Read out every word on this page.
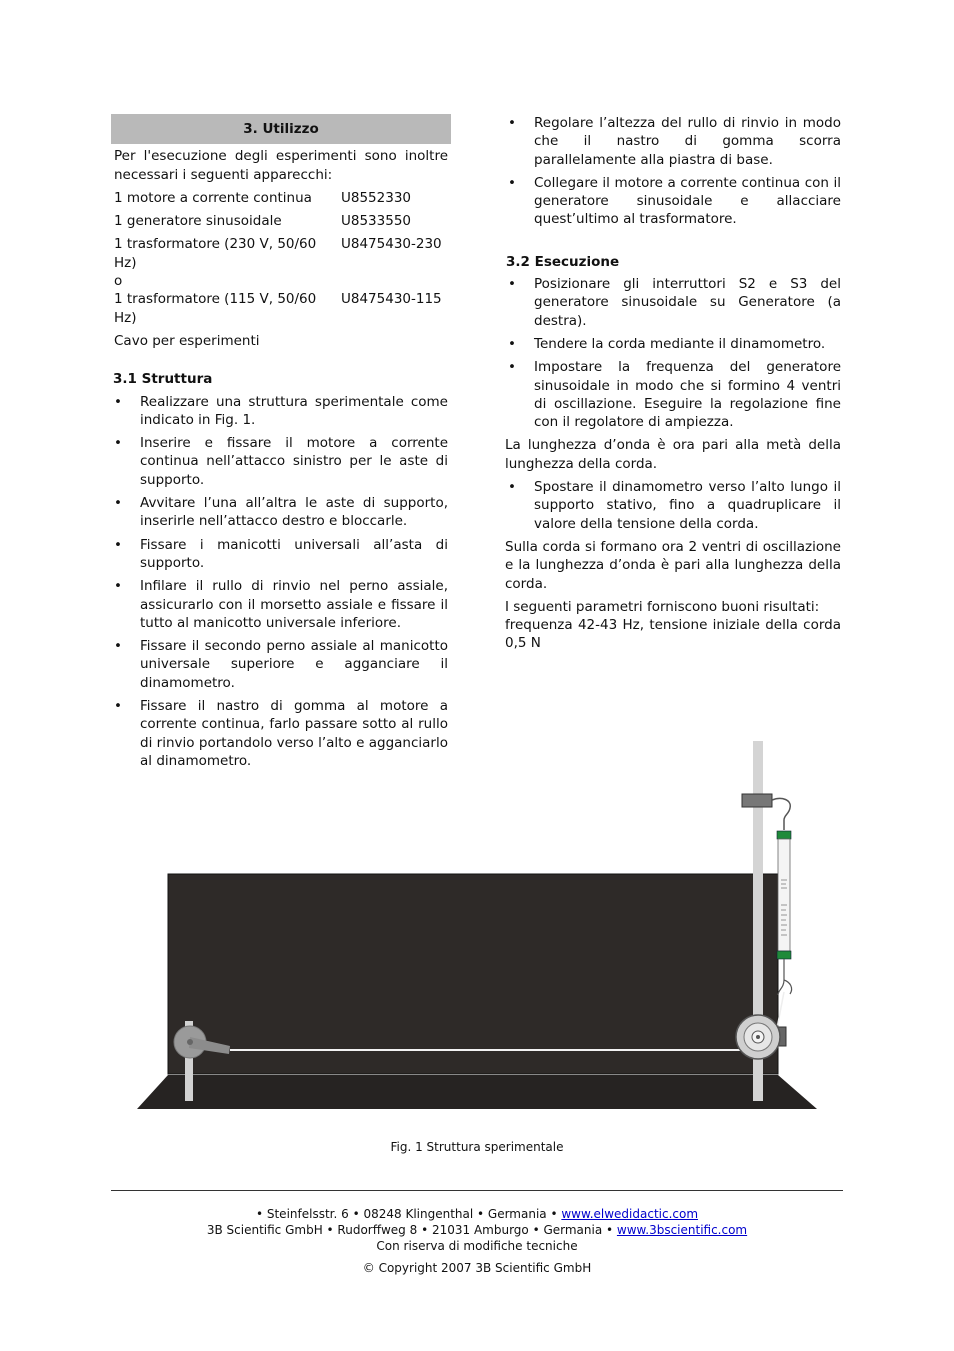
3. Utilizzo

Per l'esecuzione degli esperimenti sono inoltre necessari i seguenti apparecchi:

1 motore a corrente continua	U8552330
1 generatore sinusoidale	U8533550
1 trasformatore (230 V, 50/60 Hz)
U8475430-230
o
1 trasformatore (115 V, 50/60 Hz)
U8475430-115

Cavo per esperimenti

3.1 Struttura
• Realizzare una struttura sperimentale come indicato in Fig. 1.
• Inserire e fissare il motore a corrente continua nell’attacco sinistro per le aste di supporto.
• Avvitare l’una all’altra le aste di supporto, inserirle nell’attacco destro e bloccarle.
• Fissare i manicotti universali all’asta di supporto.
• Infilare il rullo di rinvio nel perno assiale, assicurarlo con il morsetto assiale e fissare il tutto al manicotto universale inferiore.
• Fissare il secondo perno assiale al manicotto universale superiore e agganciare il dinamometro.
• Fissare il nastro di gomma al motore a corrente continua, farlo passare sotto al rullo di rinvio portandolo verso l’alto e agganciarlo al dinamometro.
• Regolare l’altezza del rullo di rinvio in modo che il nastro di gomma scorra parallelamente alla piastra di base.
• Collegare il motore a corrente continua con il generatore sinusoidale e allacciare quest’ultimo al trasformatore.
3.2 Esecuzione
• Posizionare gli interruttori S2 e S3 del generatore sinusoidale su Generatore (a destra).
• Tendere la corda mediante il dinamometro.
• Impostare la frequenza del generatore sinusoidale in modo che si formino 4 ventri di oscillazione. Eseguire la regolazione fine con il regolatore di ampiezza.

La lunghezza d’onda è ora pari alla metà della lunghezza della corda.

• Spostare il dinamometro verso l’alto lungo il supporto stativo, fino a quadruplicare il valore della tensione della corda.

Sulla corda si formano ora 2 ventri di oscillazione e la lunghezza d’onda è pari alla lunghezza della corda.

I seguenti parametri forniscono buoni risultati:

frequenza 42-43 Hz, tensione iniziale della corda 0,5 N

Fig. 1 Struttura sperimentale
• Steinfelsstr. 6 • 08248 Klingenthal • Germania • www.elwedidactic.com
3B Scientific GmbH • Rudorffweg 8 • 21031 Amburgo • Germania • www.3bscientific.com
Con riserva di modifiche tecniche
© Copyright 2007 3B Scientific GmbH
